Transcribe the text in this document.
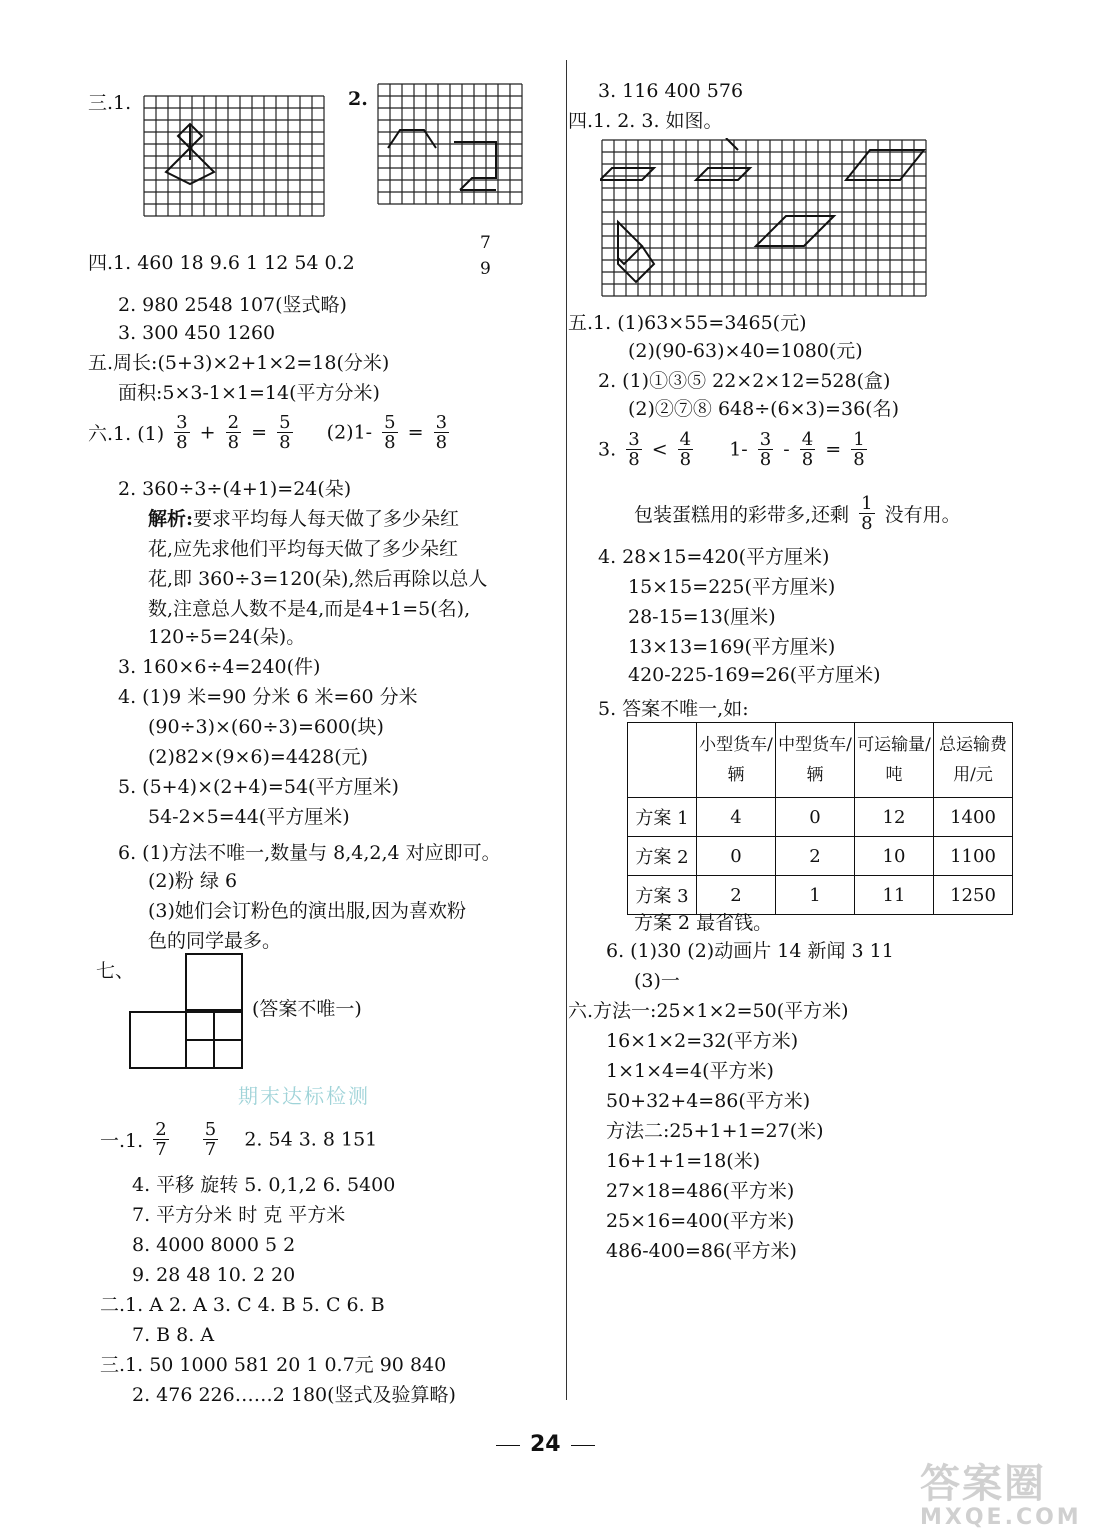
三.1.	2.
四.1. 460 18 9.6 1 12 54 0.2
7
9
2. 980 2548 107(竖式略)
3. 300 450 1260
五.周长:(5+3)×2+1×2=18(分米)
面积:5×3-1×1=14(平方分米)
六.1. $(1) \frac{3}{8} + \frac{2}{8} = \frac{5}{8} (2)1- \frac{5}{8} = \frac{3}{8}$
2. 360÷3÷(4+1)=24(朵)
解析:要求平均每人每天做了多少朵红
花,应先求他们平均每天做了多少朵红
花,即 360÷3=120(朵),然后再除以总人
数,注意总人数不是4,而是4+1=5(名),
120÷5=24(朵)。
3. 160×6÷4=240(件)
4. (1)9 米=90 分米 6 米=60 分米
(90÷3)×(60÷3)=600(块)
(2)82×(9×6)=4428(元)
5. (5+4)×(2+4)=54(平方厘米)
54-2×5=44(平方厘米)
6. (1)方法不唯一,数量与 8,4,2,4 对应即可。
(2)粉 绿 6
(3)她们会订粉色的演出服,因为喜欢粉
色的同学最多。
七、
(答案不唯一)
期末达标检测
一.1. $\frac{2}{7}$
$\frac{5}{7} 2$. 54 3. 8 151
4. 平移 旋转 5. 0,1,2 6. 5400
7. 平方分米 时 克 平方米
8. 4000 8000 5 2
9. 28 48 10. 2 20
二.1. A 2. A 3. C 4. B 5. C 6. B
7. B 8. A
三.1. 50 1000 581 20 1 0.7元 90 840
2. 476 226……2 180(竖式及验算略)
3. 116 400 576
四.1. 2. 3. 如图。
五.1. (1)63×55=3465(元)
(2)(90-63)×40=1080(元)
2. (1)①③⑤ 22×2×12=528(盒)
(2)②⑦⑧ 648÷(6×3)=36(名)
3. $\frac{3}{8} < \frac{4}{8} 1- \frac{3}{8} - \frac{4}{8} = \frac{1}{8}$
包装蛋糕用的彩带多,还剩 $\frac{1}{8}$ 没有用。
4. 28×15=420(平方厘米)
15×15=225(平方厘米)
28-15=13(厘米)
13×13=169(平方厘米)
420-225-169=26(平方厘米)
5. 答案不唯一,如:
	小型货车/辆	中型货车/辆	可运输量/吨	总运输费用/元
方案 1	4	0	12	1400
方案 2	0	2	10	1100
方案 3	2	1	11	1250
方案 2 最省钱。
6. (1)30 (2)动画片 14 新闻 3 11
(3)一
六.方法一:25×1×2=50(平方米)
16×1×2=32(平方米)
1×1×4=4(平方米)
50+32+4=86(平方米)
方法二:25+1+1=27(米)
16+1+1=18(米)
27×18=486(平方米)
25×16=400(平方米)
486-400=86(平方米)
24
答案圈
MXQE.COM
